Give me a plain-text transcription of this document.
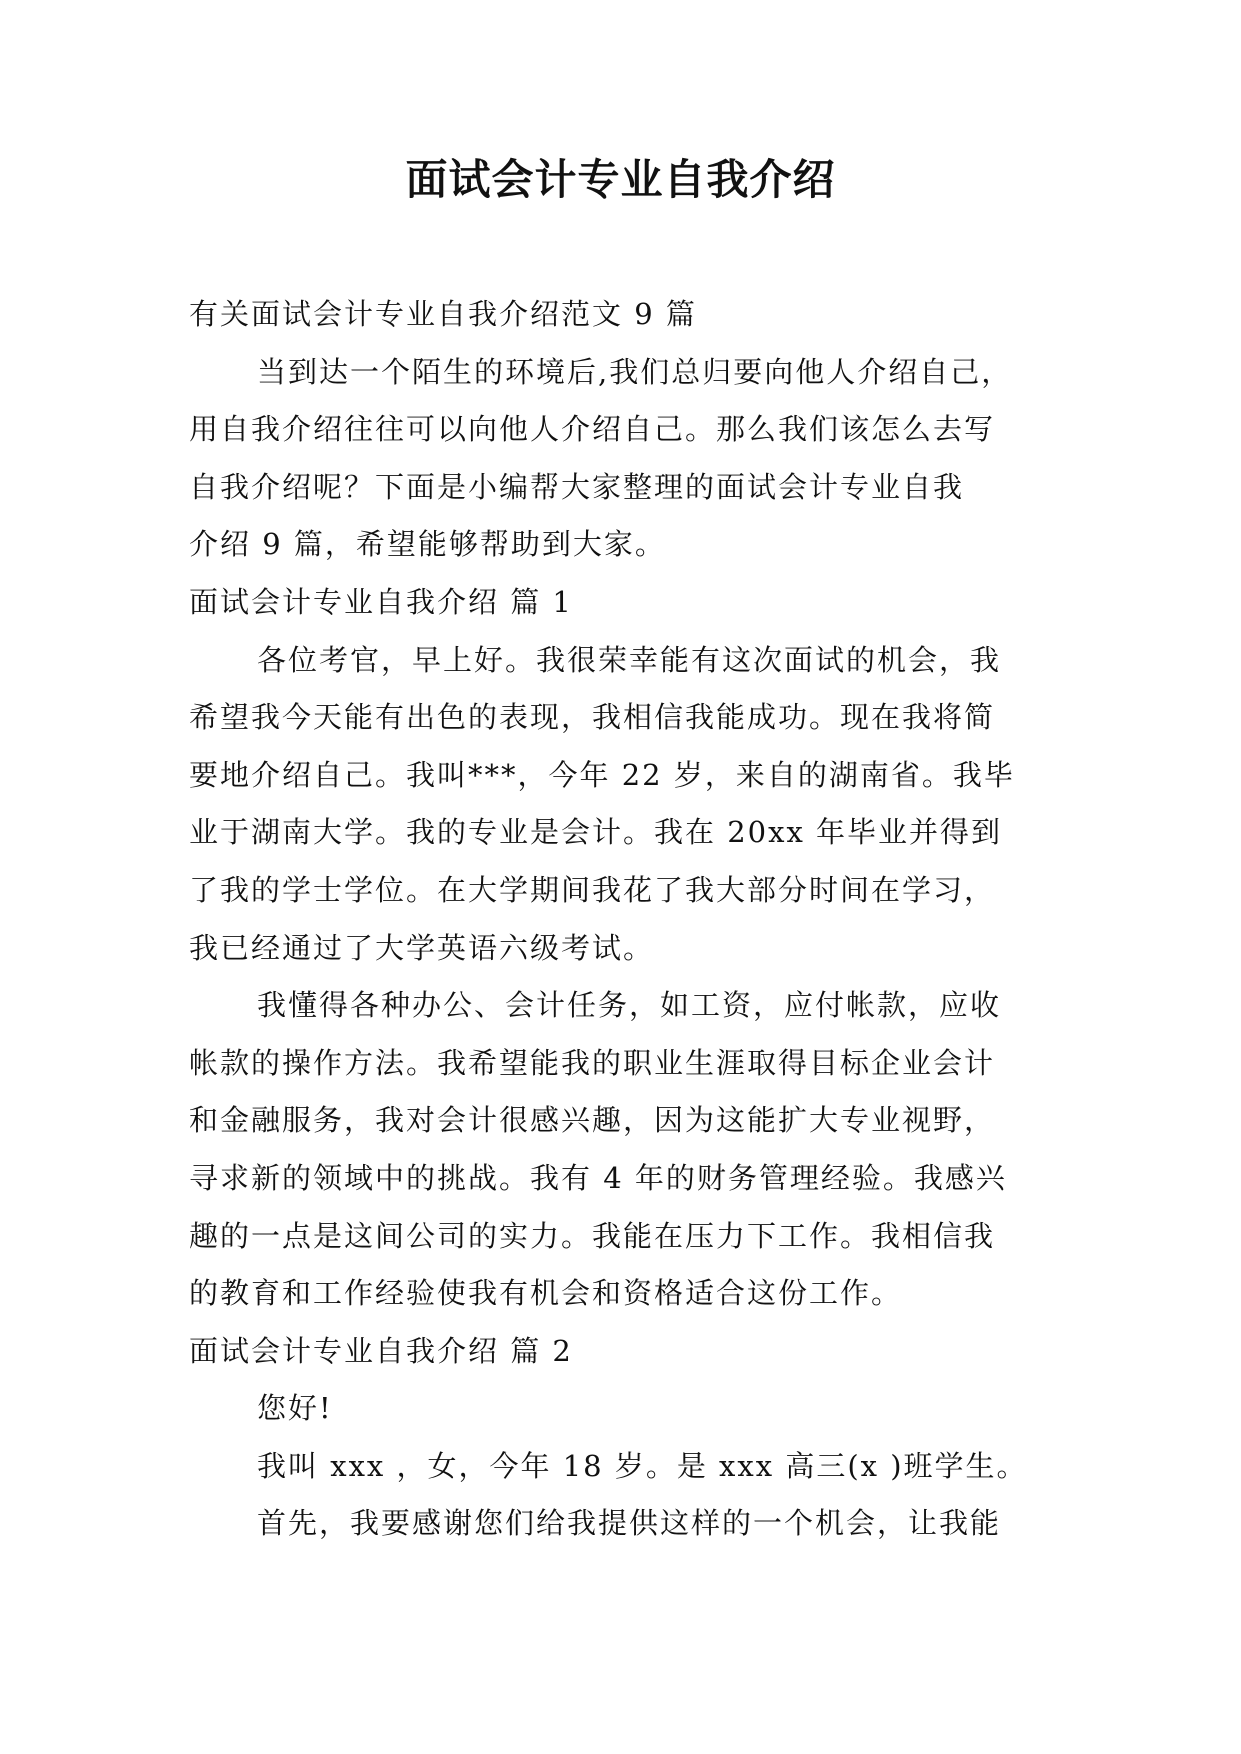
面试会计专业自我介绍
有关面试会计专业自我介绍范文 9 篇
当到达一个陌生的环境后,我们总归要向他人介绍自己，
用自我介绍往往可以向他人介绍自己。那么我们该怎么去写
自我介绍呢？下面是小编帮大家整理的面试会计专业自我
介绍 9 篇，希望能够帮助到大家。
面试会计专业自我介绍 篇 1
各位考官，早上好。我很荣幸能有这次面试的机会，我
希望我今天能有出色的表现，我相信我能成功。现在我将简
要地介绍自己。我叫***，今年 22 岁，来自的湖南省。我毕
业于湖南大学。我的专业是会计。我在 20xx 年毕业并得到
了我的学士学位。在大学期间我花了我大部分时间在学习，
我已经通过了大学英语六级考试。
我懂得各种办公、会计任务，如工资，应付帐款，应收
帐款的操作方法。我希望能我的职业生涯取得目标企业会计
和金融服务，我对会计很感兴趣，因为这能扩大专业视野，
寻求新的领域中的挑战。我有 4 年的财务管理经验。我感兴
趣的一点是这间公司的实力。我能在压力下工作。我相信我
的教育和工作经验使我有机会和资格适合这份工作。
面试会计专业自我介绍 篇 2
您好!
我叫 xxx ，女，今年 18 岁。是 xxx 高三(x )班学生。
首先，我要感谢您们给我提供这样的一个机会，让我能
